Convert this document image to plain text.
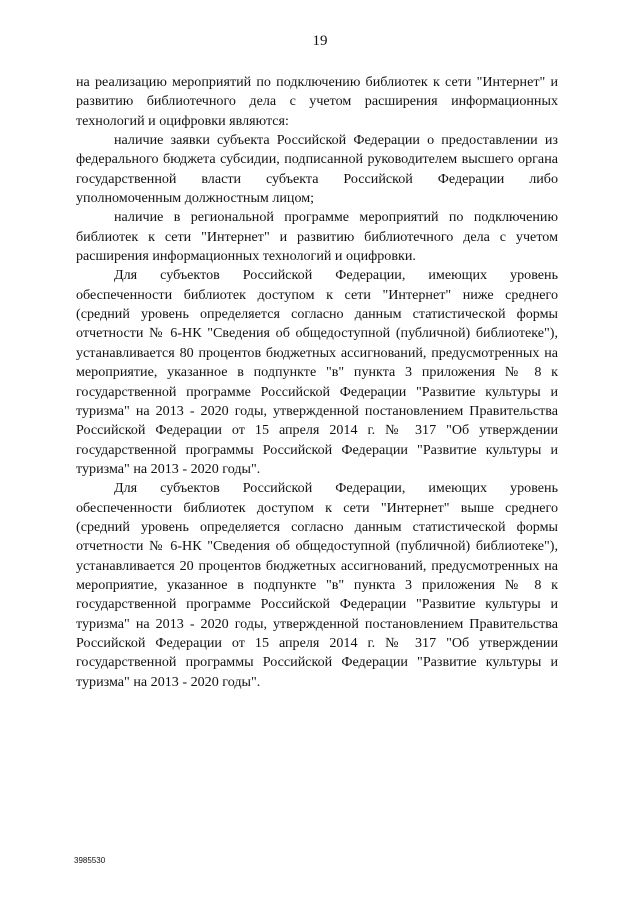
19

на реализацию мероприятий по подключению библиотек к сети "Интернет" и развитию библиотечного дела с учетом расширения информационных технологий и оцифровки являются:

наличие заявки субъекта Российской Федерации о предоставлении из федерального бюджета субсидии, подписанной руководителем высшего органа государственной власти субъекта Российской Федерации либо уполномоченным должностным лицом;

наличие в региональной программе мероприятий по подключению библиотек к сети "Интернет" и развитию библиотечного дела с учетом расширения информационных технологий и оцифровки.

Для субъектов Российской Федерации, имеющих уровень обеспеченности библиотек доступом к сети "Интернет" ниже среднего (средний уровень определяется согласно данным статистической формы отчетности № 6-НК "Сведения об общедоступной (публичной) библиотеке"), устанавливается 80 процентов бюджетных ассигнований, предусмотренных на мероприятие, указанное в подпункте "в" пункта 3 приложения № 8 к государственной программе Российской Федерации "Развитие культуры и туризма" на 2013 - 2020 годы, утвержденной постановлением Правительства Российской Федерации от 15 апреля 2014 г. № 317 "Об утверждении государственной программы Российской Федерации "Развитие культуры и туризма" на 2013 - 2020 годы".

Для субъектов Российской Федерации, имеющих уровень обеспеченности библиотек доступом к сети "Интернет" выше среднего (средний уровень определяется согласно данным статистической формы отчетности № 6-НК "Сведения об общедоступной (публичной) библиотеке"), устанавливается 20 процентов бюджетных ассигнований, предусмотренных на мероприятие, указанное в подпункте "в" пункта 3 приложения № 8 к государственной программе Российской Федерации "Развитие культуры и туризма" на 2013 - 2020 годы, утвержденной постановлением Правительства Российской Федерации от 15 апреля 2014 г. № 317 "Об утверждении государственной программы Российской Федерации "Развитие культуры и туризма" на 2013 - 2020 годы".

3985530
